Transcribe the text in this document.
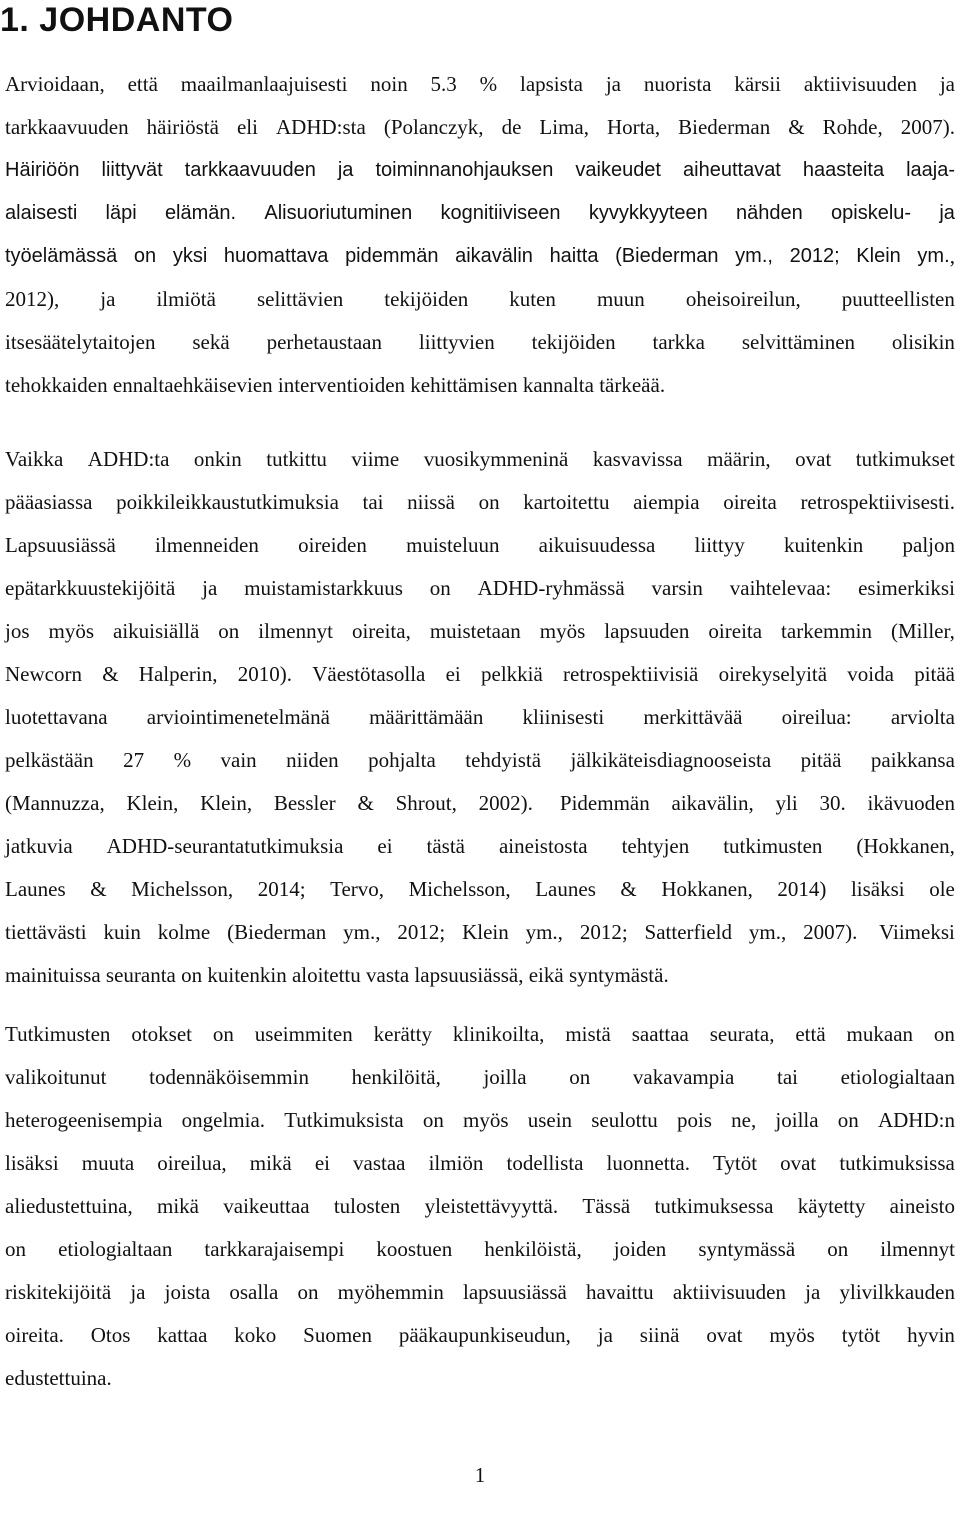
1. JOHDANTO
Arvioidaan, että maailmanlaajuisesti noin 5.3 % lapsista ja nuorista kärsii aktiivisuuden ja
tarkkaavuuden häiriöstä eli ADHD:sta (Polanczyk, de Lima, Horta, Biederman & Rohde, 2007).
Häiriöön liittyvät tarkkaavuuden ja toiminnanohjauksen vaikeudet aiheuttavat haasteita laaja-
alaisesti läpi elämän. Alisuoriutuminen kognitiiviseen kyvykkyyteen nähden opiskelu- ja
työelämässä on yksi huomattava pidemmän aikavälin haitta (Biederman ym., 2012; Klein ym. ,
2012), ja ilmiötä selittävien tekijöiden kuten muun oheisoireilun, puutteellisten
itsesäätelytaitojen sekä perhetaustaan liittyvien tekijöiden tarkka selvittäminen olisikin
tehokkaiden ennaltaehkäisevien interventioiden kehittämisen kannalta tärkeää.
Vaikka ADHD:ta onkin tutkittu viime vuosikymmeninä kasvavissa määrin, ovat tutkimukset
pääasiassa poikkileikkaustutkimuksia tai niissä on kartoitettu aiempia oireita retrospektiivisesti.
Lapsuusiässä ilmenneiden oireiden muisteluun aikuisuudessa liittyy kuitenkin paljon
epätarkkuustekijöitä ja muistamistarkkuus on ADHD-ryhmässä varsin vaihtelevaa: esimerkiksi
jos myös aikuisiällä on ilmennyt oireita, muistetaan myös lapsuuden oireita tarkemmin (Miller,
Newcorn & Halperin, 2010). Väestötasolla ei pelkkiä retrospektiivisiä oirekyselyitä voida pitää
luotettavana arviointimenetelmänä määrittämään kliinisesti merkittävää oireilua: arviolta
pelkästään 27 % vain niiden pohjalta tehdyistä jälkikäteisdiagnooseista pitää paikkansa
(Mannuzza, Klein, Klein, Bessler & Shrout, 2002). Pidemmän aikavälin, yli 30. ikävuoden
jatkuvia ADHD-seurantatutkimuksia ei tästä aineistosta tehtyjen tutkimusten (Hokkanen,
Launes & Michelsson, 2014; Tervo, Michelsson, Launes & Hokkanen, 2014) lisäksi ole
tiettävästi kuin kolme (Biederman ym., 2012; Klein ym., 2012; Satterfield ym., 2007). Viimeksi
mainituissa seuranta on kuitenkin aloitettu vasta lapsuusiässä, eikä syntymästä.
Tutkimusten otokset on useimmiten kerätty klinikoilta, mistä saattaa seurata, että mukaan on
valikoitunut todennäköisemmin henkilöitä, joilla on vakavampia tai etiologialtaan
heterogeenisempia ongelmia. Tutkimuksista on myös usein seulottu pois ne, joilla on ADHD:n
lisäksi muuta oireilua, mikä ei vastaa ilmiön todellista luonnetta. Tytöt ovat tutkimuksissa
aliedustettuina, mikä vaikeuttaa tulosten yleistettävyyttä. Tässä tutkimuksessa käytetty aineisto
on etiologialtaan tarkkarajaisempi koostuen henkilöistä, joiden syntymässä on ilmennyt
riskitekijöitä ja joista osalla on myöhemmin lapsuusiässä havaittu aktiivisuuden ja ylivilkkauden
oireita. Otos kattaa koko Suomen pääkaupunkiseudun, ja siinä ovat myös tytöt hyvin
edustettuina.
1
